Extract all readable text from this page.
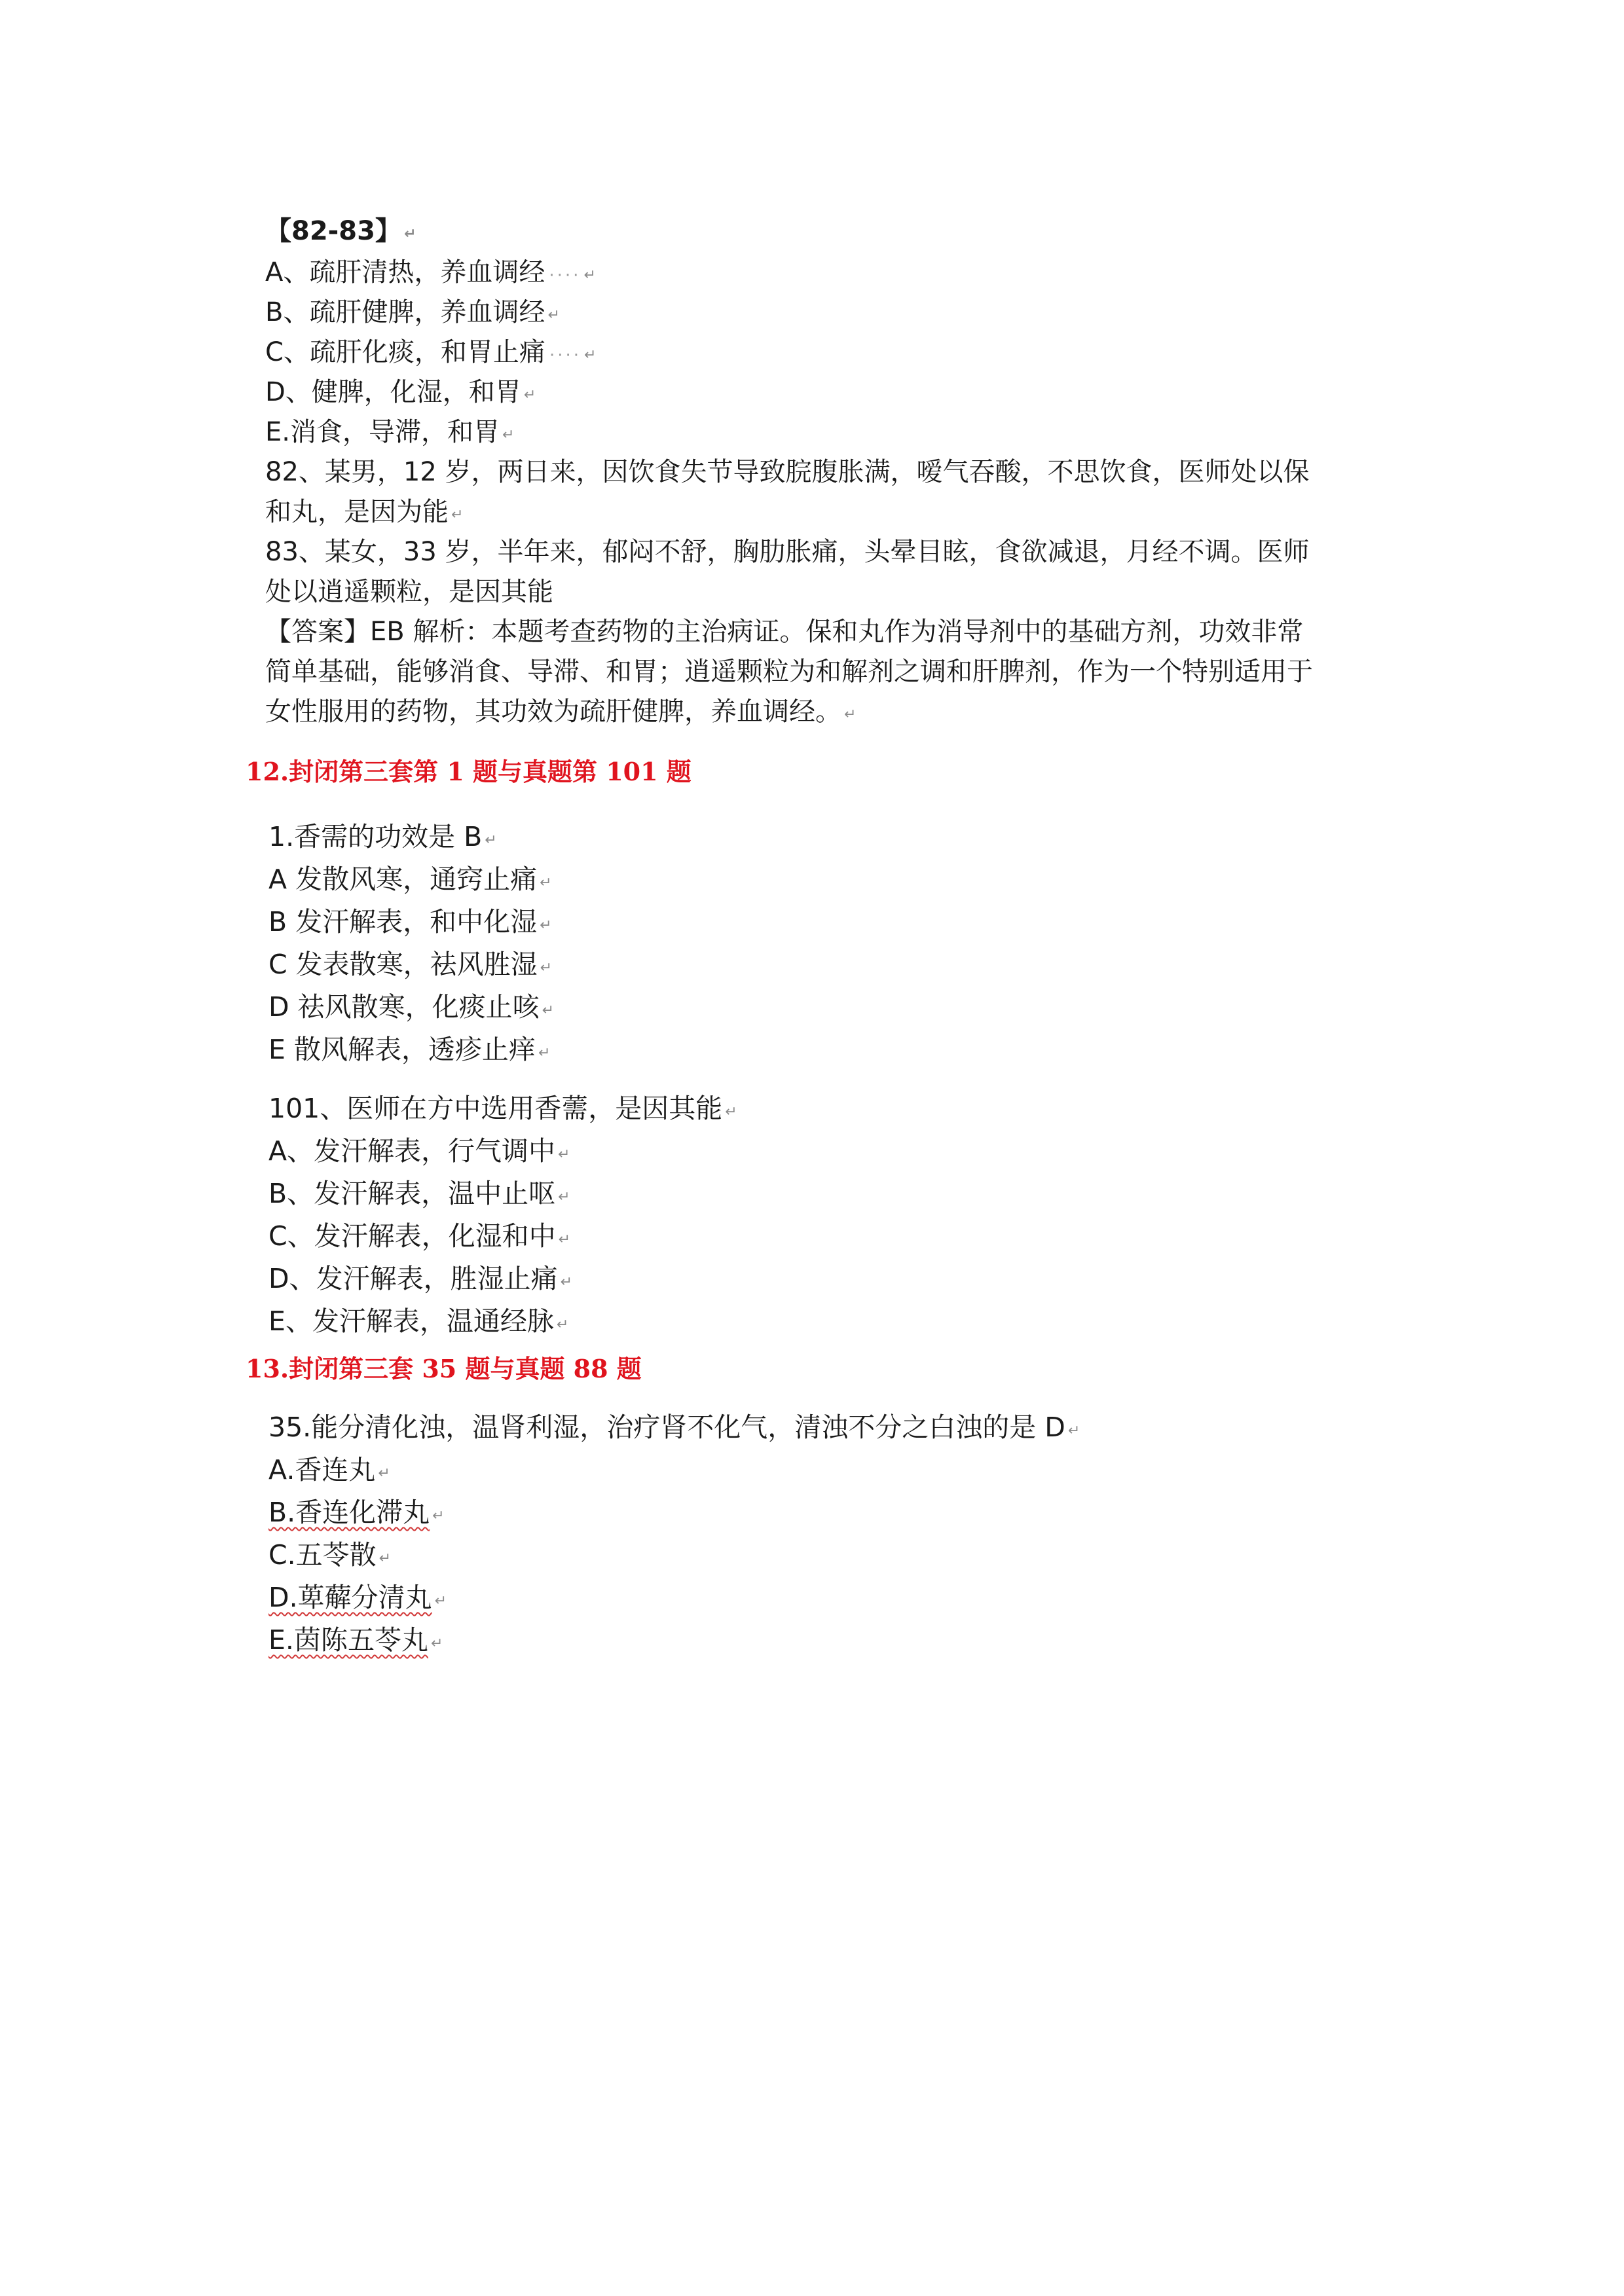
【82-83】 ↵
A、疏肝清热，养血调经 ···· ↵
B、疏肝健脾，养血调经 ↵
C、疏肝化痰，和胃止痛 ···· ↵
D、健脾，化湿，和胃 ↵
E.消食，导滞，和胃 ↵
82、某男，12 岁，两日来，因饮食失节导致脘腹胀满，嗳气吞酸，不思饮食，医师处以保
和丸，是因为能 ↵
83、某女，33 岁，半年来，郁闷不舒，胸肋胀痛，头晕目眩，食欲减退，月经不调。医师
处以逍遥颗粒，是因其能
【答案】EB 解析：本题考查药物的主治病证。保和丸作为消导剂中的基础方剂，功效非常
简单基础，能够消食、导滞、和胃；逍遥颗粒为和解剂之调和肝脾剂，作为一个特别适用于
女性服用的药物，其功效为疏肝健脾，养血调经。 ↵
12.封闭第三套第 1 题与真题第 101 题
1.香需的功效是 B ↵
A 发散风寒，通窍止痛 ↵
B 发汗解表，和中化湿 ↵
C 发表散寒，祛风胜湿 ↵
D 祛风散寒，化痰止咳 ↵
E 散风解表，透疹止痒 ↵
101、医师在方中选用香薷，是因其能 ↵
A、发汗解表，行气调中 ↵
B、发汗解表，温中止呕 ↵
C、发汗解表，化湿和中 ↵
D、发汗解表，胜湿止痛 ↵
E、发汗解表，温通经脉 ↵
13.封闭第三套 35 题与真题 88 题
35.能分清化浊，温肾利湿，治疗肾不化气，清浊不分之白浊的是 D ↵
A.香连丸 ↵
B.香连化滞丸 ↵
C.五苓散 ↵
D.萆薢分清丸 ↵
E.茵陈五苓丸 ↵
